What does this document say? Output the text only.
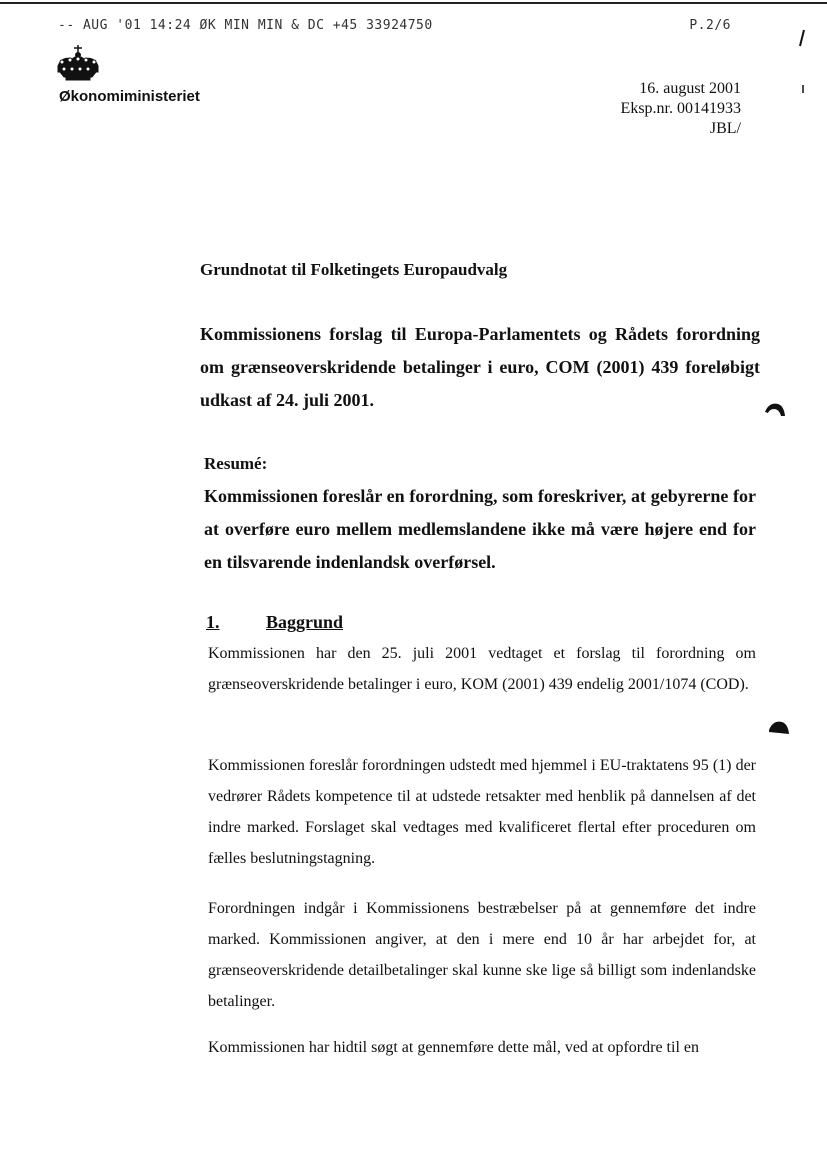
-- AUG '01 14:24 ØK MIN MIN & DC +45 33924750	P.2/6
Økonomiministeriet	16. august 2001
Eksp.nr. 00141933
JBL/
Grundnotat til Folketingets Europaudvalg
Kommissionens forslag til Europa-Parlamentets og Rådets forordning om grænseoverskridende betalinger i euro, COM (2001) 439 foreløbigt udkast af 24. juli 2001.
Resumé:
Kommissionen foreslår en forordning, som foreskriver, at gebyrerne for at overføre euro mellem medlemslandene ikke må være højere end for en tilsvarende indenlandsk overførsel.
1.	Baggrund
Kommissionen har den 25. juli 2001 vedtaget et forslag til forordning om grænseoverskridende betalinger i euro, KOM (2001) 439 endelig 2001/1074 (COD).
Kommissionen foreslår forordningen udstedt med hjemmel i EU-traktatens 95 (1) der vedrører Rådets kompetence til at udstede retsakter med henblik på dannelsen af det indre marked. Forslaget skal vedtages med kvalificeret flertal efter proceduren om fælles beslutningstagning.
Forordningen indgår i Kommissionens bestræbelser på at gennemføre det indre marked. Kommissionen angiver, at den i mere end 10 år har arbejdet for, at grænseoverskridende detailbetalinger skal kunne ske lige så billigt som indenlandske betalinger.
Kommissionen har hidtil søgt at gennemføre dette mål, ved at opfordre til en
